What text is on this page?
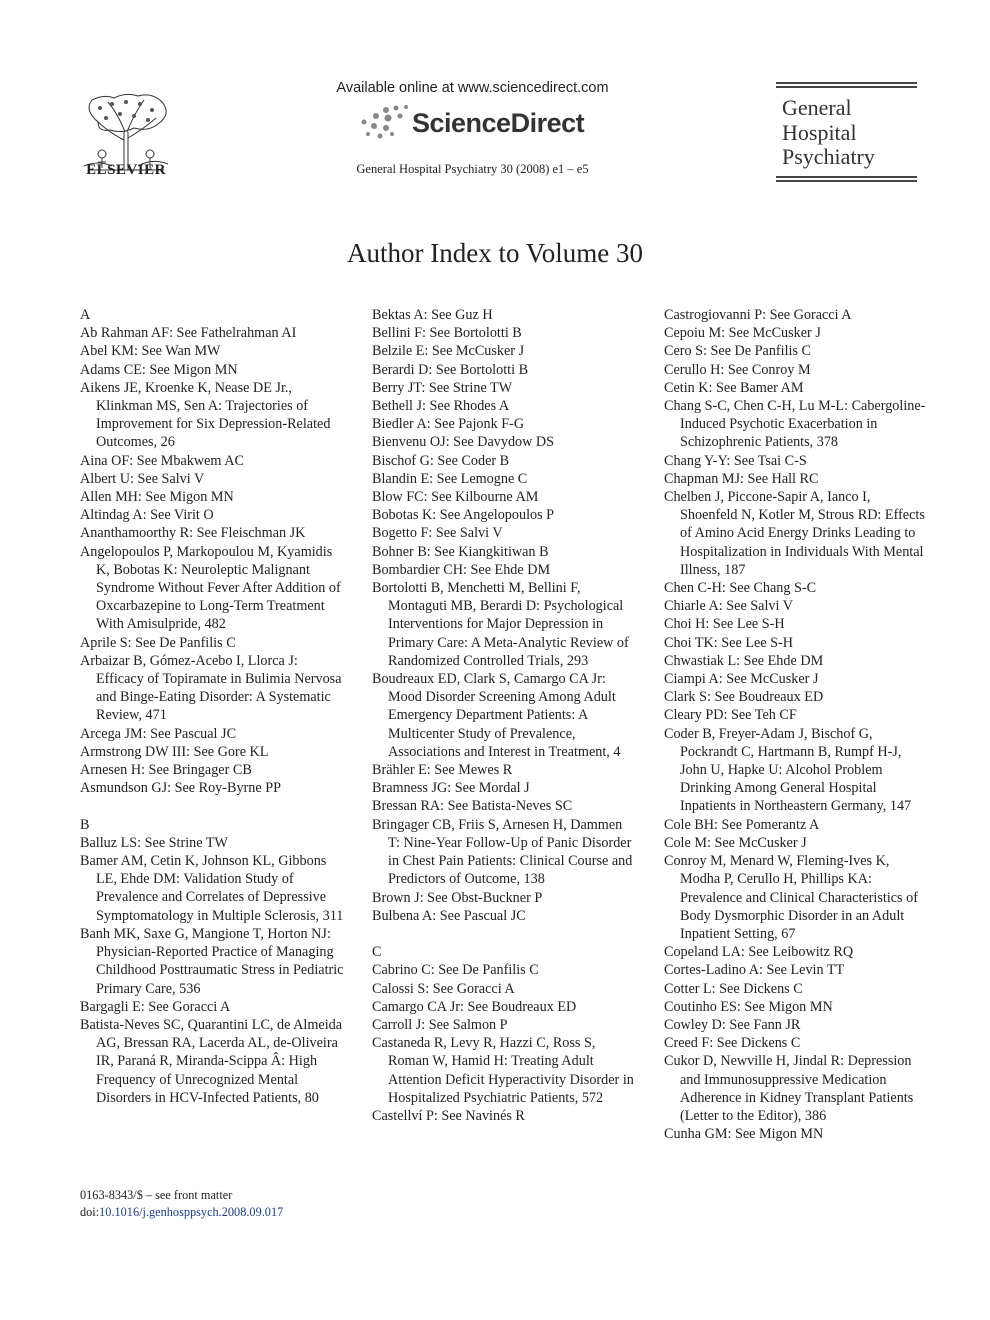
ELSEVIER
Available online at www.sciencedirect.com
ScienceDirect
General Hospital Psychiatry 30 (2008) e1 – e5
General
Hospital
Psychiatry
Author Index to Volume 30
A
Ab Rahman AF: See Fathelrahman AI
Abel KM: See Wan MW
Adams CE: See Migon MN
Aikens JE, Kroenke K, Nease DE Jr., Klinkman MS, Sen A: Trajectories of Improvement for Six Depression-Related Outcomes, 26
Aina OF: See Mbakwem AC
Albert U: See Salvi V
Allen MH: See Migon MN
Altindag A: See Virit O
Ananthamoorthy R: See Fleischman JK
Angelopoulos P, Markopoulou M, Kyamidis K, Bobotas K: Neuroleptic Malignant Syndrome Without Fever After Addition of Oxcarbazepine to Long-Term Treatment With Amisulpride, 482
Aprile S: See De Panfilis C
Arbaizar B, Gómez-Acebo I, Llorca J: Efficacy of Topiramate in Bulimia Nervosa and Binge-Eating Disorder: A Systematic Review, 471
Arcega JM: See Pascual JC
Armstrong DW III: See Gore KL
Arnesen H: See Bringager CB
Asmundson GJ: See Roy-Byrne PP
B
Balluz LS: See Strine TW
Bamer AM, Cetin K, Johnson KL, Gibbons LE, Ehde DM: Validation Study of Prevalence and Correlates of Depressive Symptomatology in Multiple Sclerosis, 311
Banh MK, Saxe G, Mangione T, Horton NJ: Physician-Reported Practice of Managing Childhood Posttraumatic Stress in Pediatric Primary Care, 536
Bargagli E: See Goracci A
Batista-Neves SC, Quarantini LC, de Almeida AG, Bressan RA, Lacerda AL, de-Oliveira IR, Paraná R, Miranda-Scippa Â: High Frequency of Unrecognized Mental Disorders in HCV-Infected Patients, 80
Bektas A: See Guz H
Bellini F: See Bortolotti B
Belzile E: See McCusker J
Berardi D: See Bortolotti B
Berry JT: See Strine TW
Bethell J: See Rhodes A
Biedler A: See Pajonk F-G
Bienvenu OJ: See Davydow DS
Bischof G: See Coder B
Blandin E: See Lemogne C
Blow FC: See Kilbourne AM
Bobotas K: See Angelopoulos P
Bogetto F: See Salvi V
Bohner B: See Kiangkitiwan B
Bombardier CH: See Ehde DM
Bortolotti B, Menchetti M, Bellini F, Montaguti MB, Berardi D: Psychological Interventions for Major Depression in Primary Care: A Meta-Analytic Review of Randomized Controlled Trials, 293
Boudreaux ED, Clark S, Camargo CA Jr: Mood Disorder Screening Among Adult Emergency Department Patients: A Multicenter Study of Prevalence, Associations and Interest in Treatment, 4
Brähler E: See Mewes R
Bramness JG: See Mordal J
Bressan RA: See Batista-Neves SC
Bringager CB, Friis S, Arnesen H, Dammen T: Nine-Year Follow-Up of Panic Disorder in Chest Pain Patients: Clinical Course and Predictors of Outcome, 138
Brown J: See Obst-Buckner P
Bulbena A: See Pascual JC
C
Cabrino C: See De Panfilis C
Calossi S: See Goracci A
Camargo CA Jr: See Boudreaux ED
Carroll J: See Salmon P
Castaneda R, Levy R, Hazzi C, Ross S, Roman W, Hamid H: Treating Adult Attention Deficit Hyperactivity Disorder in Hospitalized Psychiatric Patients, 572
Castellví P: See Navinés R
Castrogiovanni P: See Goracci A
Cepoiu M: See McCusker J
Cero S: See De Panfilis C
Cerullo H: See Conroy M
Cetin K: See Bamer AM
Chang S-C, Chen C-H, Lu M-L: Cabergoline-Induced Psychotic Exacerbation in Schizophrenic Patients, 378
Chang Y-Y: See Tsai C-S
Chapman MJ: See Hall RC
Chelben J, Piccone-Sapir A, Ianco I, Shoenfeld N, Kotler M, Strous RD: Effects of Amino Acid Energy Drinks Leading to Hospitalization in Individuals With Mental Illness, 187
Chen C-H: See Chang S-C
Chiarle A: See Salvi V
Choi H: See Lee S-H
Choi TK: See Lee S-H
Chwastiak L: See Ehde DM
Ciampi A: See McCusker J
Clark S: See Boudreaux ED
Cleary PD: See Teh CF
Coder B, Freyer-Adam J, Bischof G, Pockrandt C, Hartmann B, Rumpf H-J, John U, Hapke U: Alcohol Problem Drinking Among General Hospital Inpatients in Northeastern Germany, 147
Cole BH: See Pomerantz A
Cole M: See McCusker J
Conroy M, Menard W, Fleming-Ives K, Modha P, Cerullo H, Phillips KA: Prevalence and Clinical Characteristics of Body Dysmorphic Disorder in an Adult Inpatient Setting, 67
Copeland LA: See Leibowitz RQ
Cortes-Ladino A: See Levin TT
Cotter L: See Dickens C
Coutinho ES: See Migon MN
Cowley D: See Fann JR
Creed F: See Dickens C
Cukor D, Newville H, Jindal R: Depression and Immunosuppressive Medication Adherence in Kidney Transplant Patients (Letter to the Editor), 386
Cunha GM: See Migon MN
0163-8343/$ – see front matter
doi:10.1016/j.genhosppsych.2008.09.017
